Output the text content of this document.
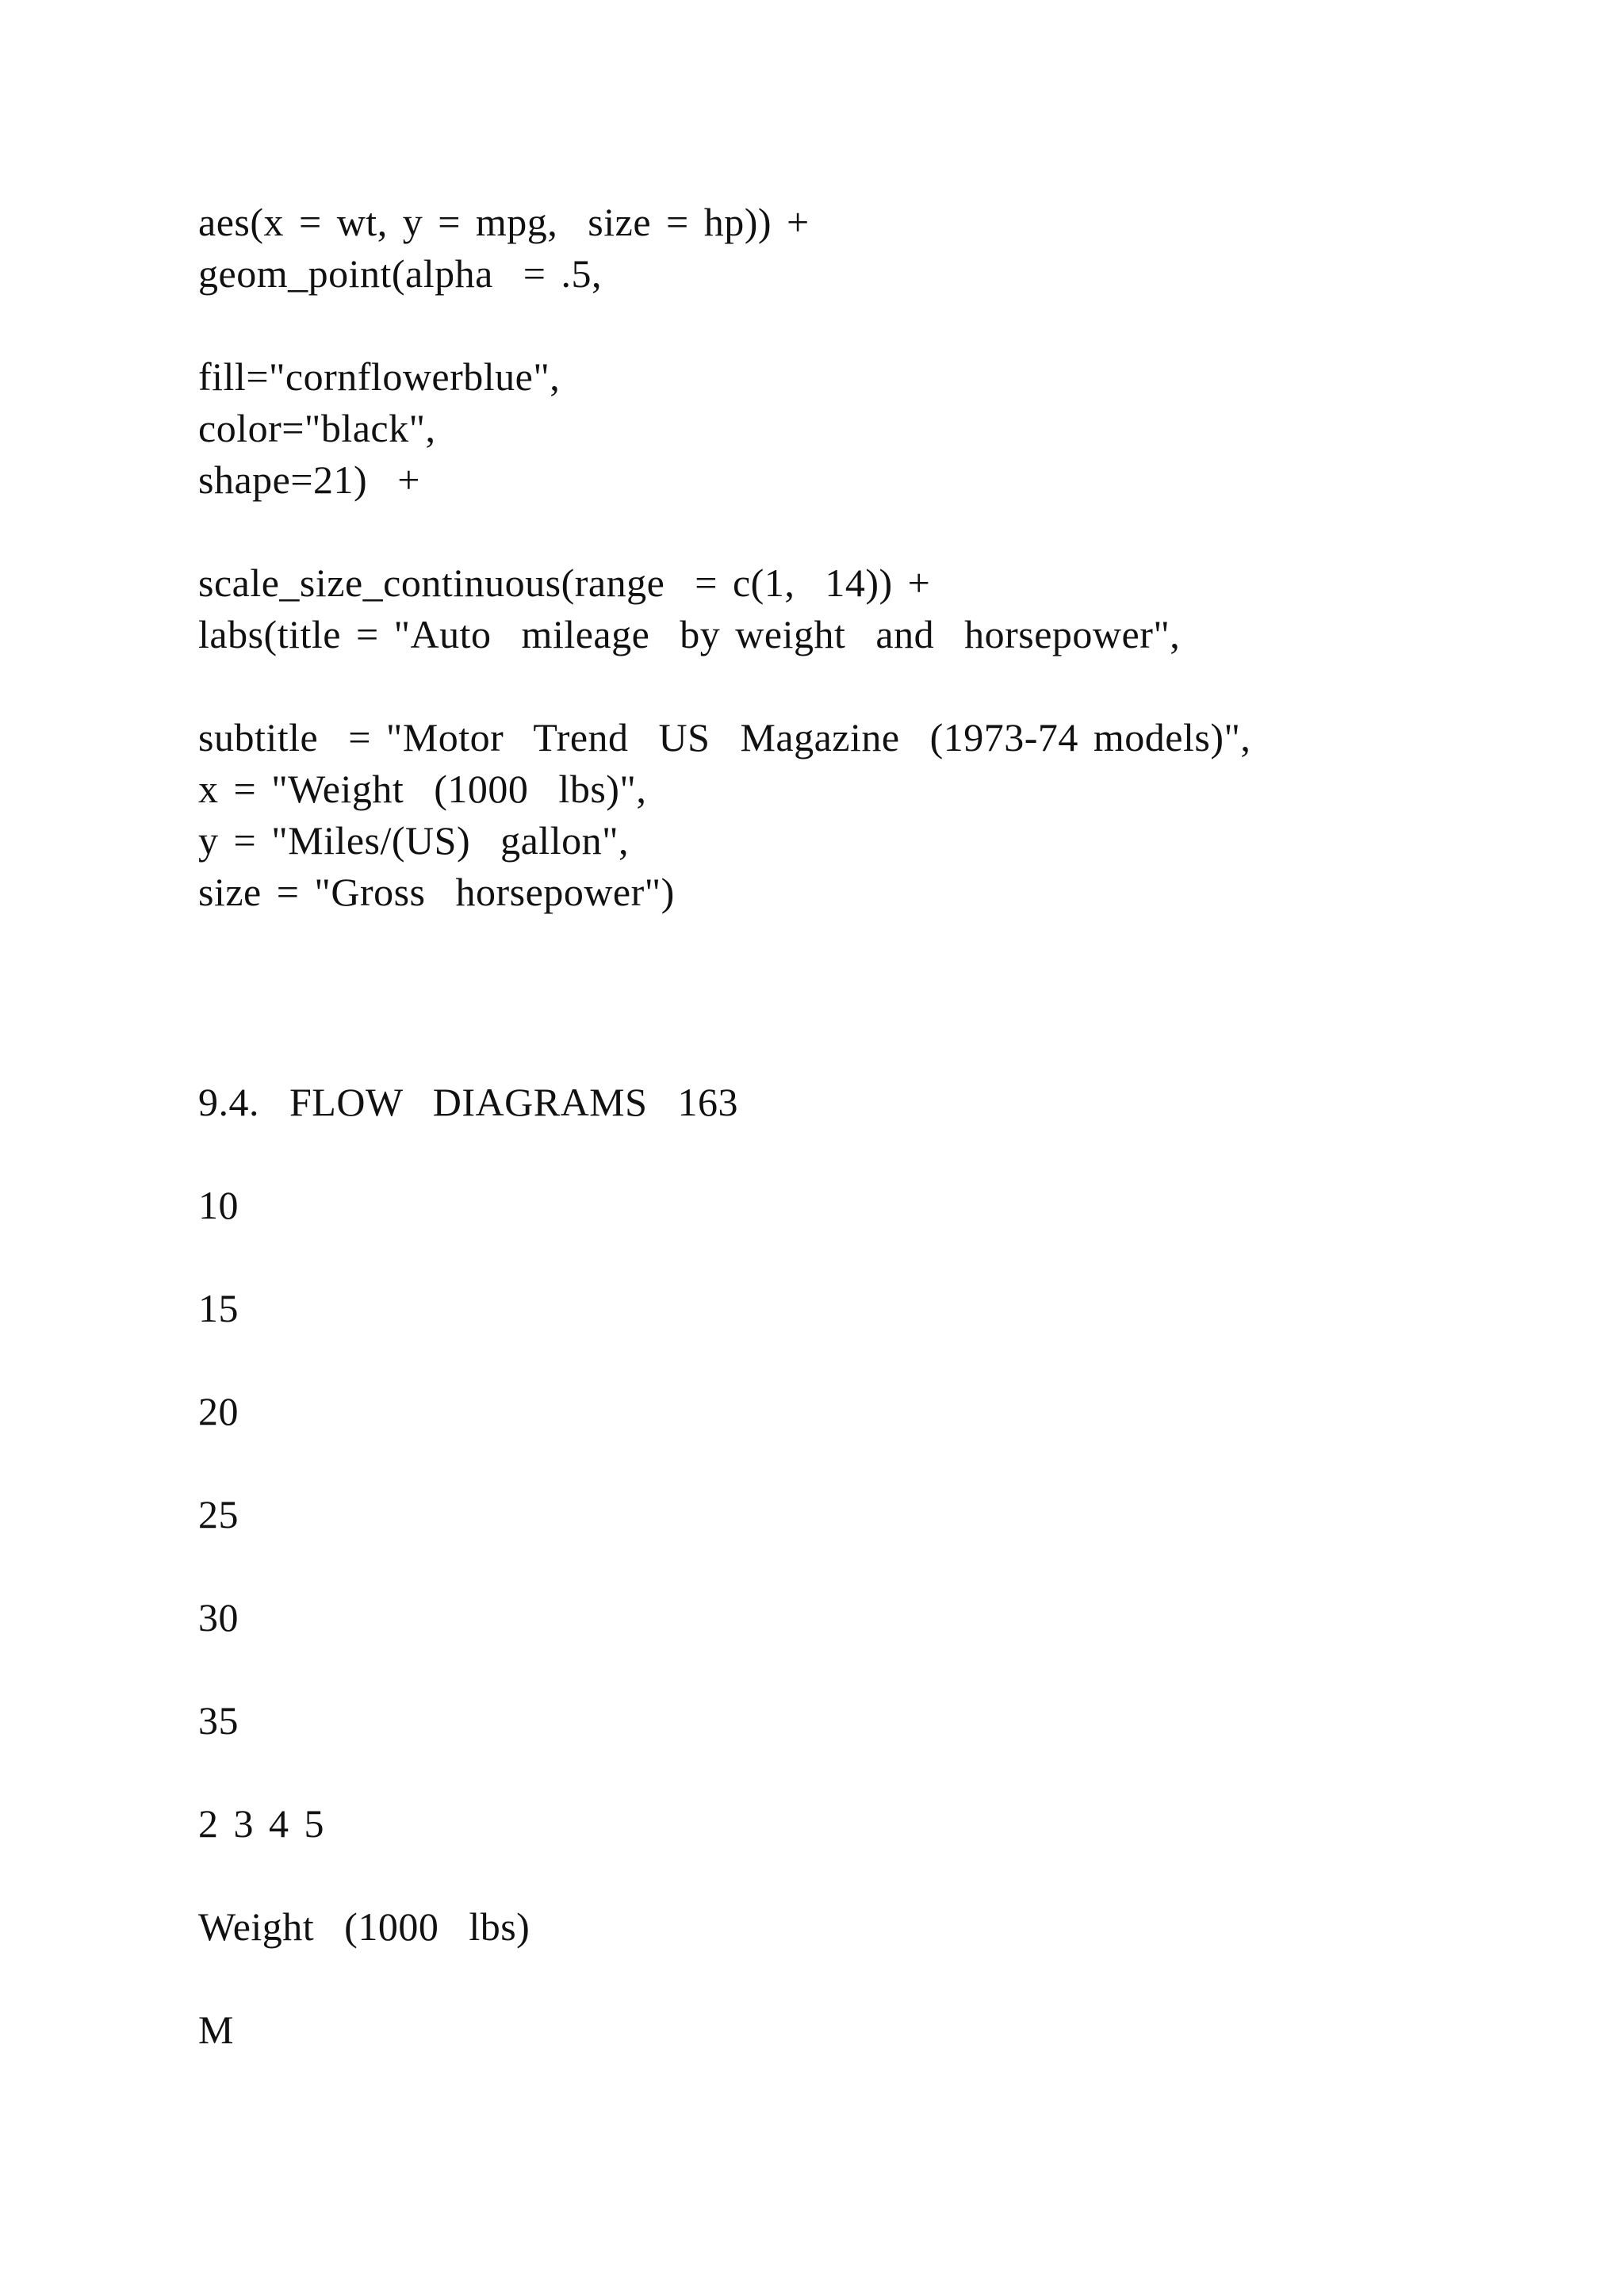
aes(x = wt, y = mpg,  size = hp)) +
geom_point(alpha  = .5,
fill="cornflowerblue",
color="black",
shape=21)  +
scale_size_continuous(range  = c(1,  14)) +
labs(title = "Auto  mileage  by weight  and  horsepower",
subtitle  = "Motor  Trend  US  Magazine  (1973-74 models)",
x = "Weight  (1000  lbs)",
y = "Miles/(US)  gallon",
size = "Gross  horsepower")
9.4.  FLOW  DIAGRAMS  163
10
15
20
25
30
35
2 3 4 5
Weight  (1000  lbs)
M
